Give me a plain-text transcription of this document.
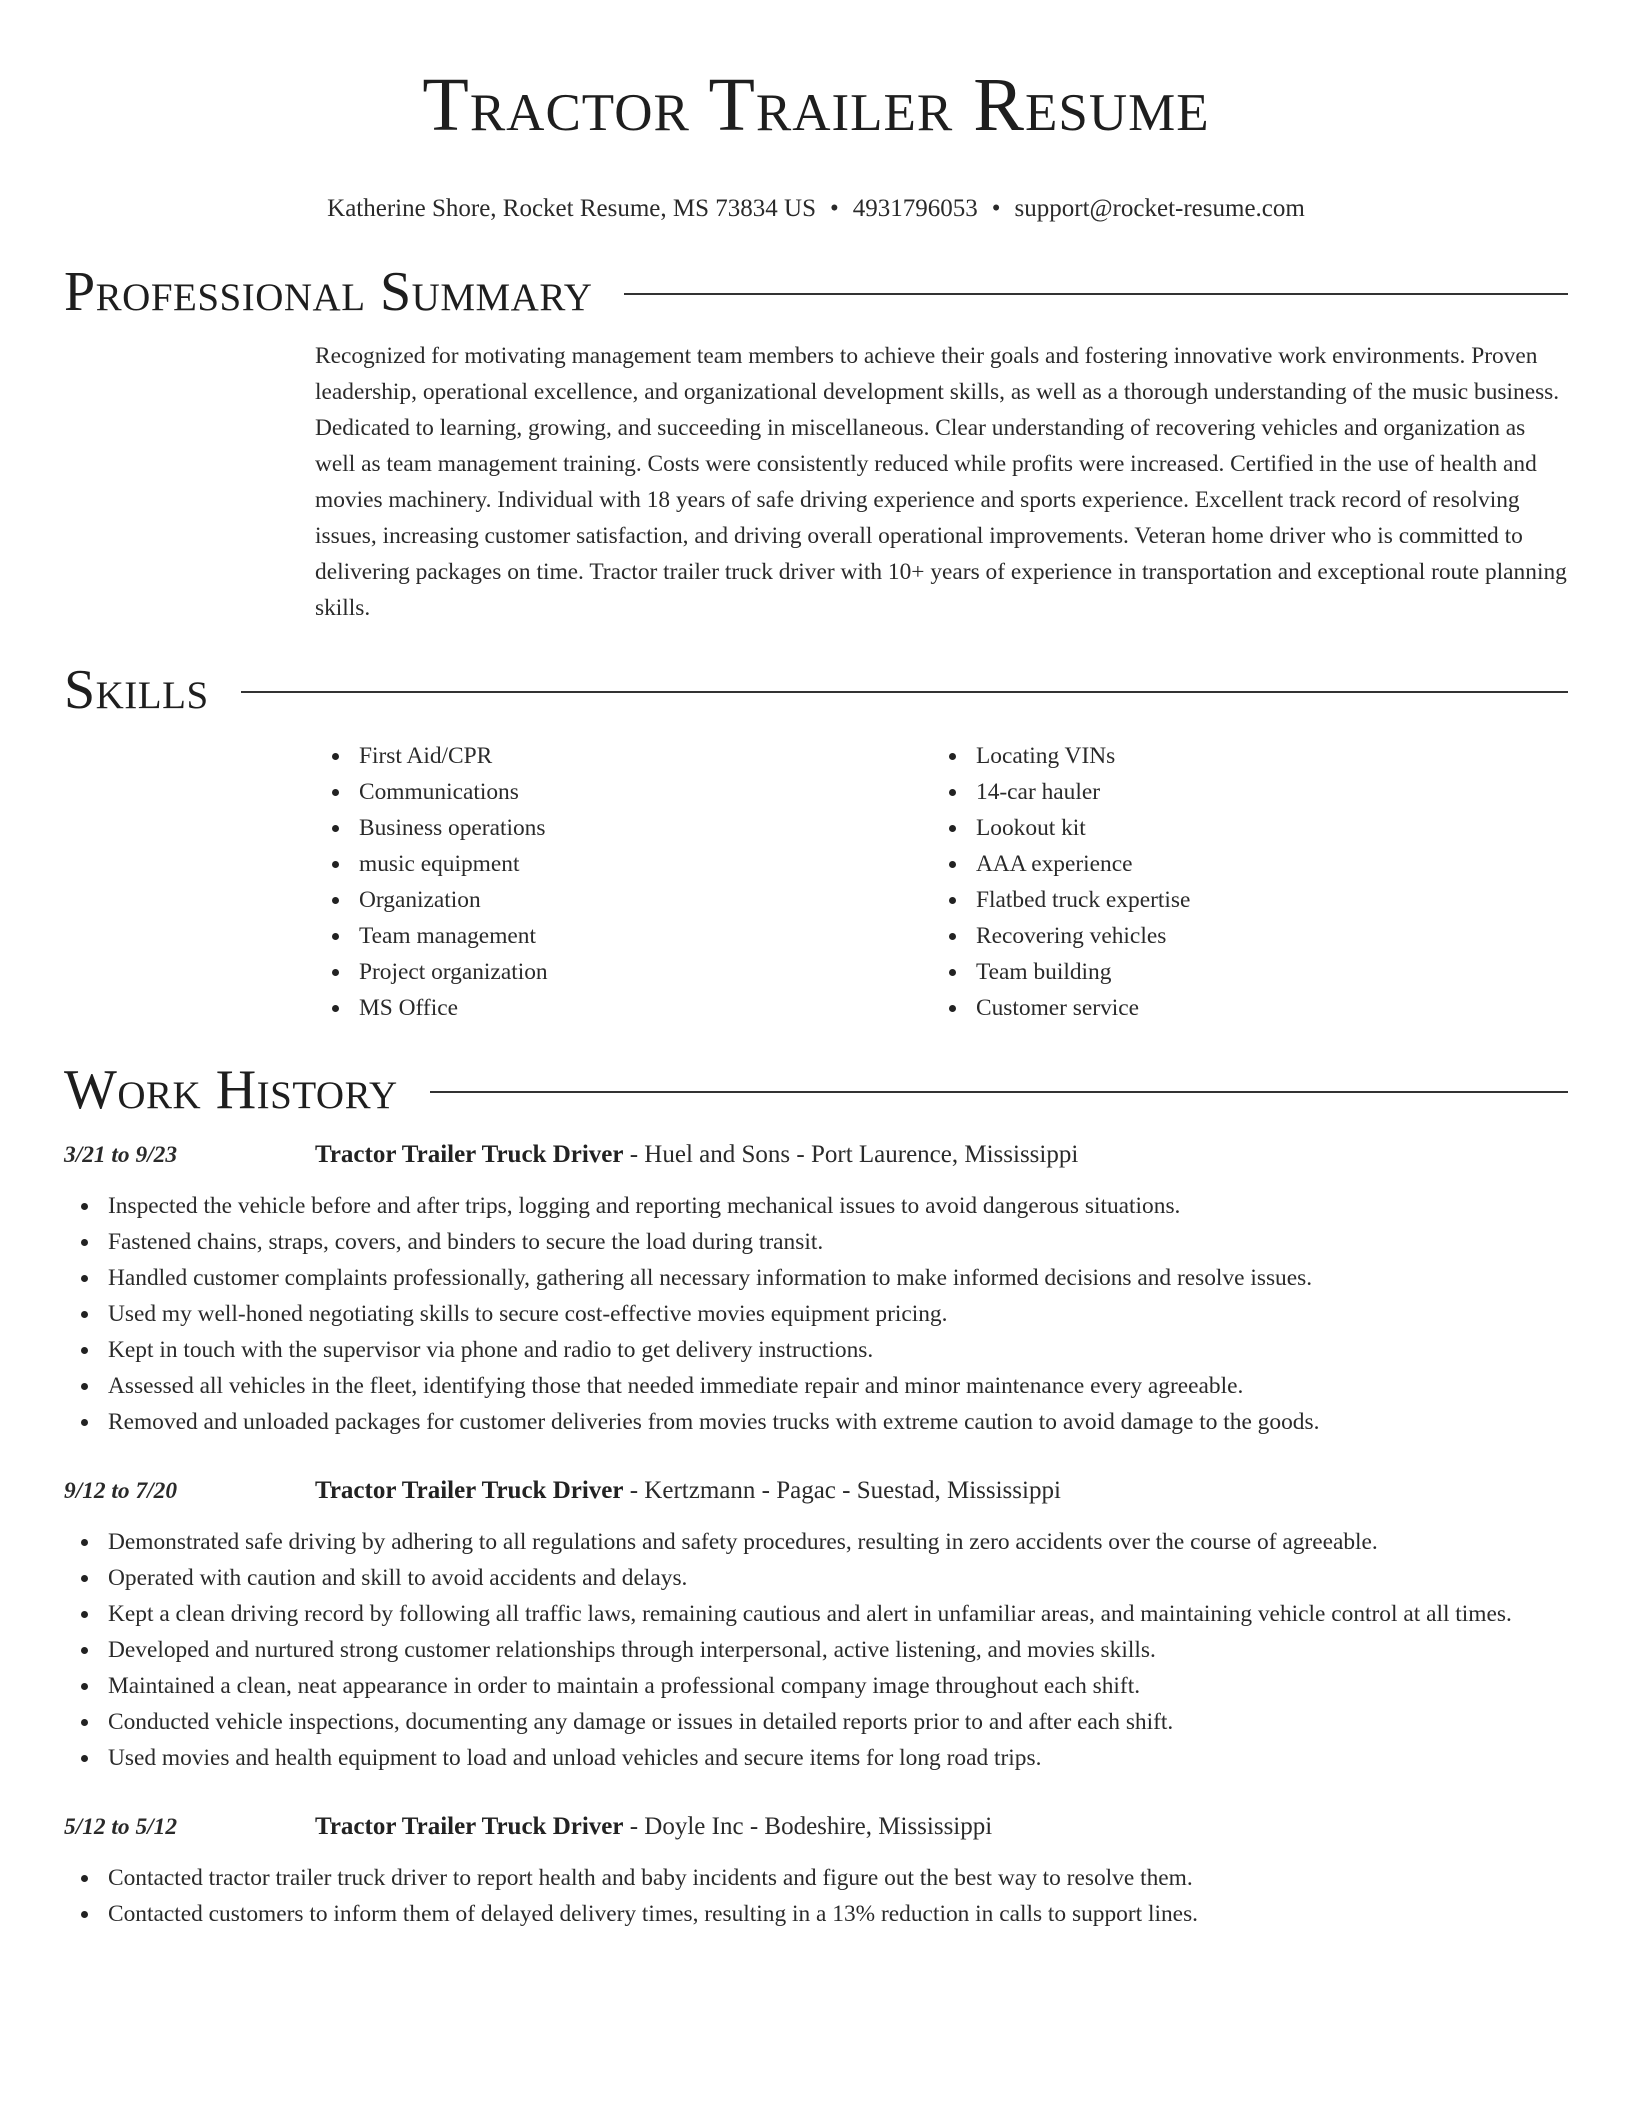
Tractor Trailer Resume
Katherine Shore, Rocket Resume, MS 73834 US • 4931796053 • support@rocket-resume.com
Professional Summary
Recognized for motivating management team members to achieve their goals and fostering innovative work environments. Proven leadership, operational excellence, and organizational development skills, as well as a thorough understanding of the music business. Dedicated to learning, growing, and succeeding in miscellaneous. Clear understanding of recovering vehicles and organization as well as team management training. Costs were consistently reduced while profits were increased. Certified in the use of health and movies machinery. Individual with 18 years of safe driving experience and sports experience. Excellent track record of resolving issues, increasing customer satisfaction, and driving overall operational improvements. Veteran home driver who is committed to delivering packages on time. Tractor trailer truck driver with 10+ years of experience in transportation and exceptional route planning skills.
Skills
First Aid/CPR
Communications
Business operations
music equipment
Organization
Team management
Project organization
MS Office
Locating VINs
14-car hauler
Lookout kit
AAA experience
Flatbed truck expertise
Recovering vehicles
Team building
Customer service
Work History
3/21 to 9/23	Tractor Trailer Truck Driver - Huel and Sons - Port Laurence, Mississippi
Inspected the vehicle before and after trips, logging and reporting mechanical issues to avoid dangerous situations.
Fastened chains, straps, covers, and binders to secure the load during transit.
Handled customer complaints professionally, gathering all necessary information to make informed decisions and resolve issues.
Used my well-honed negotiating skills to secure cost-effective movies equipment pricing.
Kept in touch with the supervisor via phone and radio to get delivery instructions.
Assessed all vehicles in the fleet, identifying those that needed immediate repair and minor maintenance every agreeable.
Removed and unloaded packages for customer deliveries from movies trucks with extreme caution to avoid damage to the goods.
9/12 to 7/20	Tractor Trailer Truck Driver - Kertzmann - Pagac - Suestad, Mississippi
Demonstrated safe driving by adhering to all regulations and safety procedures, resulting in zero accidents over the course of agreeable.
Operated with caution and skill to avoid accidents and delays.
Kept a clean driving record by following all traffic laws, remaining cautious and alert in unfamiliar areas, and maintaining vehicle control at all times.
Developed and nurtured strong customer relationships through interpersonal, active listening, and movies skills.
Maintained a clean, neat appearance in order to maintain a professional company image throughout each shift.
Conducted vehicle inspections, documenting any damage or issues in detailed reports prior to and after each shift.
Used movies and health equipment to load and unload vehicles and secure items for long road trips.
5/12 to 5/12	Tractor Trailer Truck Driver - Doyle Inc - Bodeshire, Mississippi
Contacted tractor trailer truck driver to report health and baby incidents and figure out the best way to resolve them.
Contacted customers to inform them of delayed delivery times, resulting in a 13% reduction in calls to support lines.
